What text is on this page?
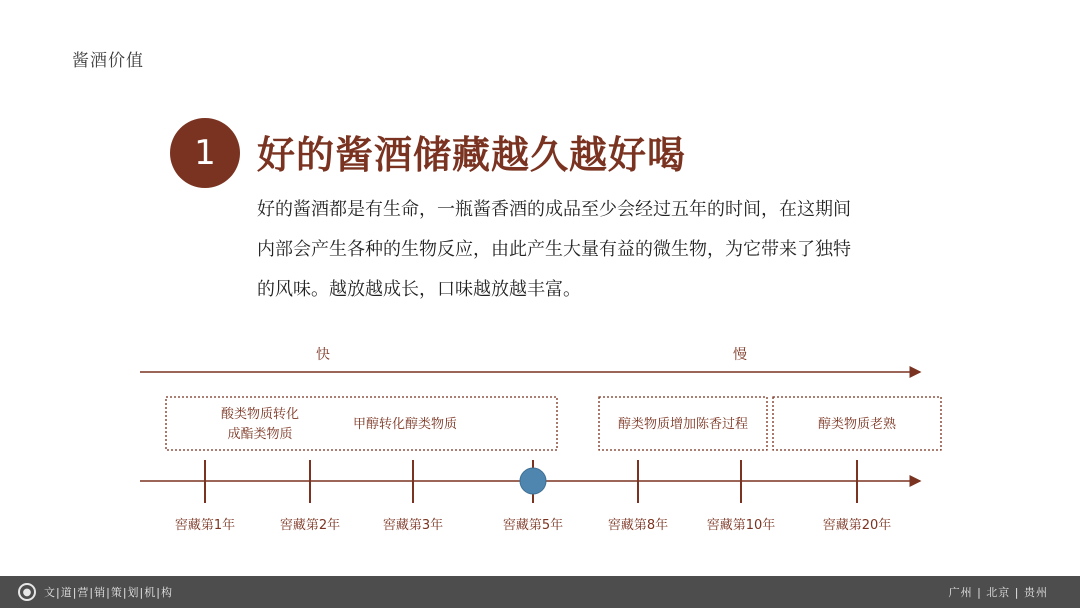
酱酒价值
1	好的酱酒储藏越久越好喝
好的酱酒都是有生命，一瓶酱香酒的成品至少会经过五年的时间，在这期间
内部会产生各种的生物反应，由此产生大量有益的微生物，为它带来了独特
的风味。越放越成长，口味越放越丰富。
快	慢
酸类物质转化
成酯类物质
甲醇转化醇类物质	醇类物质增加陈香过程	醇类物质老熟
窖藏第1年	窖藏第2年	窖藏第3年	窖藏第5年	窖藏第8年	窖藏第10年	窖藏第20年
●	文|道|营|销|策|划|机|构	广州 | 北京 | 贵州
